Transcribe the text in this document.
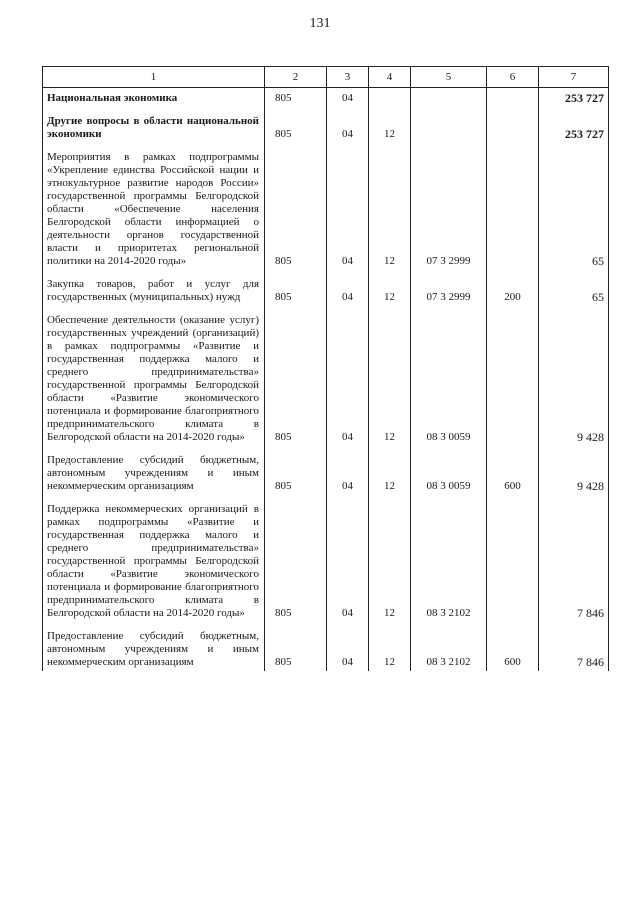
131
1	2	3	4	5	6	7
Национальная экономика	805	04				253 727
Другие вопросы в области национальной экономики	805	04	12			253 727
Мероприятия в рамках подпрограммы «Укрепление единства Российской нации и этнокультурное развитие народов России» государственной программы Белгородской области «Обеспечение населения Белгородской области информацией о деятельности органов государственной власти и приоритетах региональной политики на 2014-2020 годы»	805	04	12	07 3 2999		65
Закупка товаров, работ и услуг для государственных (муниципальных) нужд	805	04	12	07 3 2999	200	65
Обеспечение деятельности (оказание услуг) государственных учреждений (организаций) в рамках подпрограммы «Развитие и государственная поддержка малого и среднего предпринимательства» государственной программы Белгородской области «Развитие экономического потенциала и формирование благоприятного предпринимательского климата в Белгородской области на 2014-2020 годы»	805	04	12	08 3 0059		9 428
Предоставление субсидий бюджетным, автономным учреждениям и иным некоммерческим организациям	805	04	12	08 3 0059	600	9 428
Поддержка некоммерческих организаций в рамках подпрограммы «Развитие и государственная поддержка малого и среднего предпринимательства» государственной программы Белгородской области «Развитие экономического потенциала и формирование благоприятного предпринимательского климата в Белгородской области на 2014-2020 годы»	805	04	12	08 3 2102		7 846
Предоставление субсидий бюджетным, автономным учреждениям и иным некоммерческим организациям	805	04	12	08 3 2102	600	7 846
